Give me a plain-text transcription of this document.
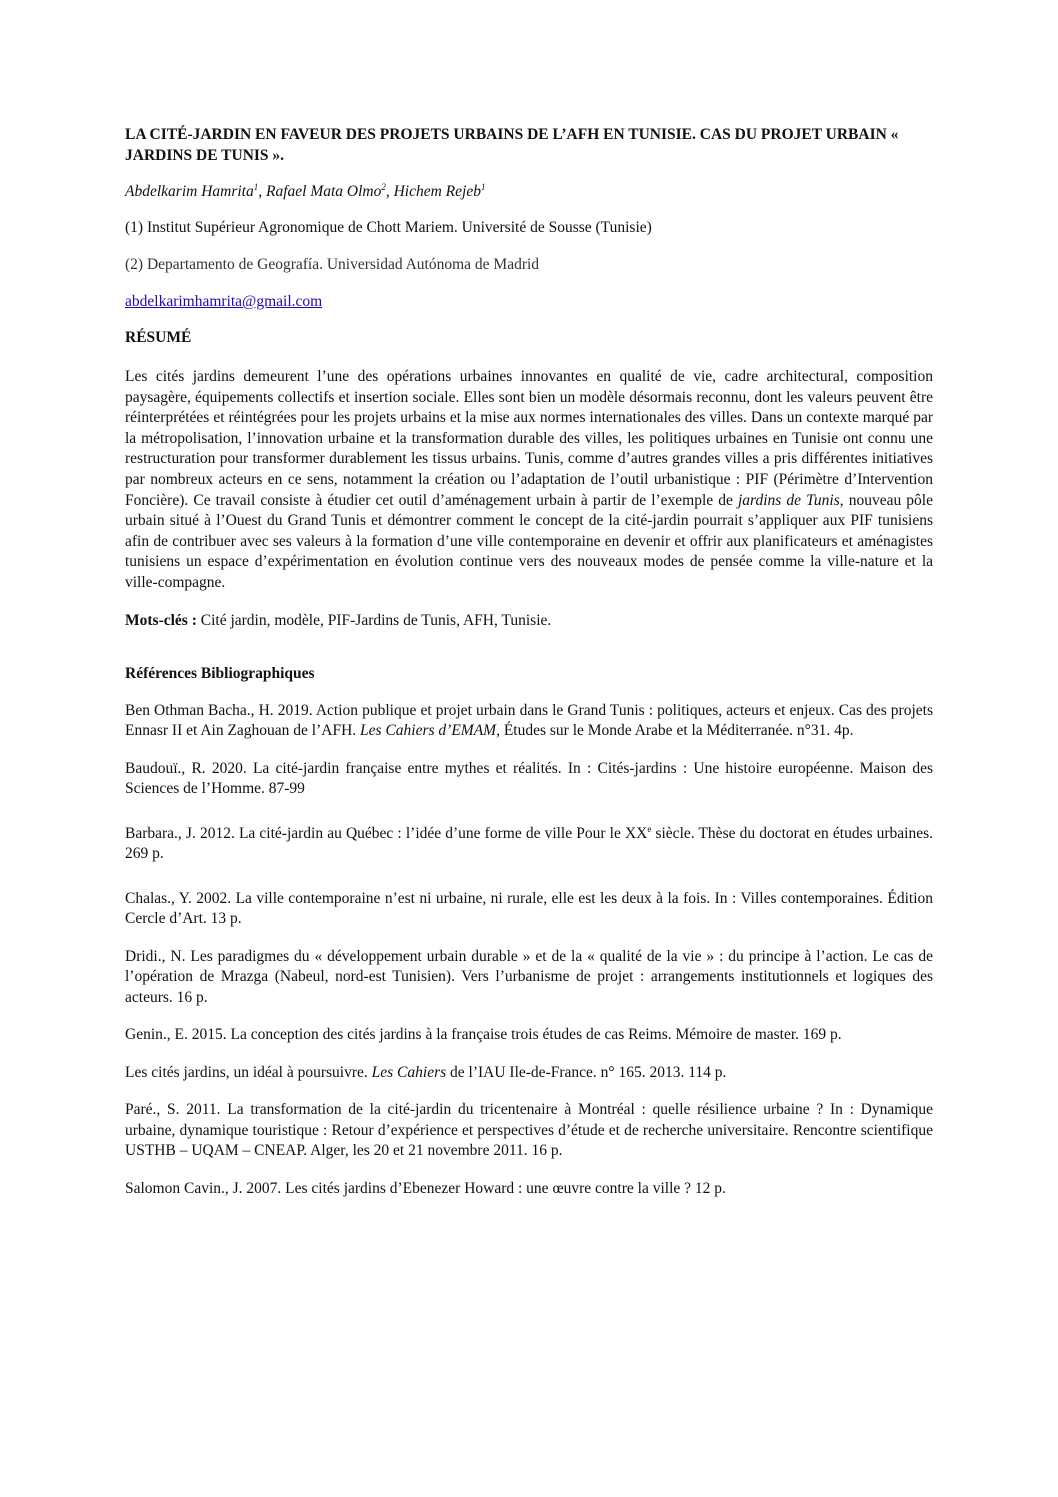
LA CITÉ-JARDIN EN FAVEUR DES PROJETS URBAINS DE L’AFH EN TUNISIE. CAS DU PROJET URBAIN « JARDINS DE TUNIS ».
Abdelkarim Hamrita$^1$, Rafael Mata Olmo$^2$, Hichem Rejeb$^1$
(1) Institut Supérieur Agronomique de Chott Mariem. Université de Sousse (Tunisie)
(2) Departamento de Geografía. Universidad Autónoma de Madrid
abdelkarimhamrita@gmail.com
RÉSUMÉ
Les cités jardins demeurent l’une des opérations urbaines innovantes en qualité de vie, cadre architectural, composition paysagère, équipements collectifs et insertion sociale. Elles sont bien un modèle désormais reconnu, dont les valeurs peuvent être réinterprétées et réintégrées pour les projets urbains et la mise aux normes internationales des villes. Dans un contexte marqué par la métropolisation, l’innovation urbaine et la transformation durable des villes, les politiques urbaines en Tunisie ont connu une restructuration pour transformer durablement les tissus urbains. Tunis, comme d’autres grandes villes a pris différentes initiatives par nombreux acteurs en ce sens, notamment la création ou l’adaptation de l’outil urbanistique : PIF (Périmètre d’Intervention Foncière). Ce travail consiste à étudier cet outil d’aménagement urbain à partir de l’exemple de jardins de Tunis, nouveau pôle urbain situé à l’Ouest du Grand Tunis et démontrer comment le concept de la cité-jardin pourrait s’appliquer aux PIF tunisiens afin de contribuer avec ses valeurs à la formation d’une ville contemporaine en devenir et offrir aux planificateurs et aménagistes tunisiens un espace d’expérimentation en évolution continue vers des nouveaux modes de pensée comme la ville-nature et la ville-compagne.
Mots-clés : Cité jardin, modèle, PIF-Jardins de Tunis, AFH, Tunisie.
Références Bibliographiques
Ben Othman Bacha., H. 2019. Action publique et projet urbain dans le Grand Tunis : politiques, acteurs et enjeux. Cas des projets Ennasr II et Ain Zaghouan de l’AFH. Les Cahiers d’EMAM, Études sur le Monde Arabe et la Méditerranée. n°31. 4p.
Baudouï., R. 2020. La cité-jardin française entre mythes et réalités. In : Cités-jardins : Une histoire européenne. Maison des Sciences de l’Homme. 87-99
Barbara., J. 2012. La cité-jardin au Québec : l’idée d’une forme de ville Pour le XXe siècle. Thèse du doctorat en études urbaines. 269 p.
Chalas., Y. 2002. La ville contemporaine n’est ni urbaine, ni rurale, elle est les deux à la fois. In : Villes contemporaines. Édition Cercle d’Art. 13 p.
Dridi., N. Les paradigmes du « développement urbain durable » et de la « qualité de la vie » : du principe à l’action. Le cas de l’opération de Mrazga (Nabeul, nord-est Tunisien). Vers l’urbanisme de projet : arrangements institutionnels et logiques des acteurs. 16 p.
Genin., E. 2015. La conception des cités jardins à la française trois études de cas Reims. Mémoire de master. 169 p.
Les cités jardins, un idéal à poursuivre. Les Cahiers de l’IAU Ile-de-France. n° 165. 2013. 114 p.
Paré., S. 2011. La transformation de la cité-jardin du tricentenaire à Montréal : quelle résilience urbaine ? In : Dynamique urbaine, dynamique touristique : Retour d’expérience et perspectives d’étude et de recherche universitaire. Rencontre scientifique USTHB – UQAM – CNEAP. Alger, les 20 et 21 novembre 2011. 16 p.
Salomon Cavin., J. 2007. Les cités jardins d’Ebenezer Howard : une œuvre contre la ville ? 12 p.
